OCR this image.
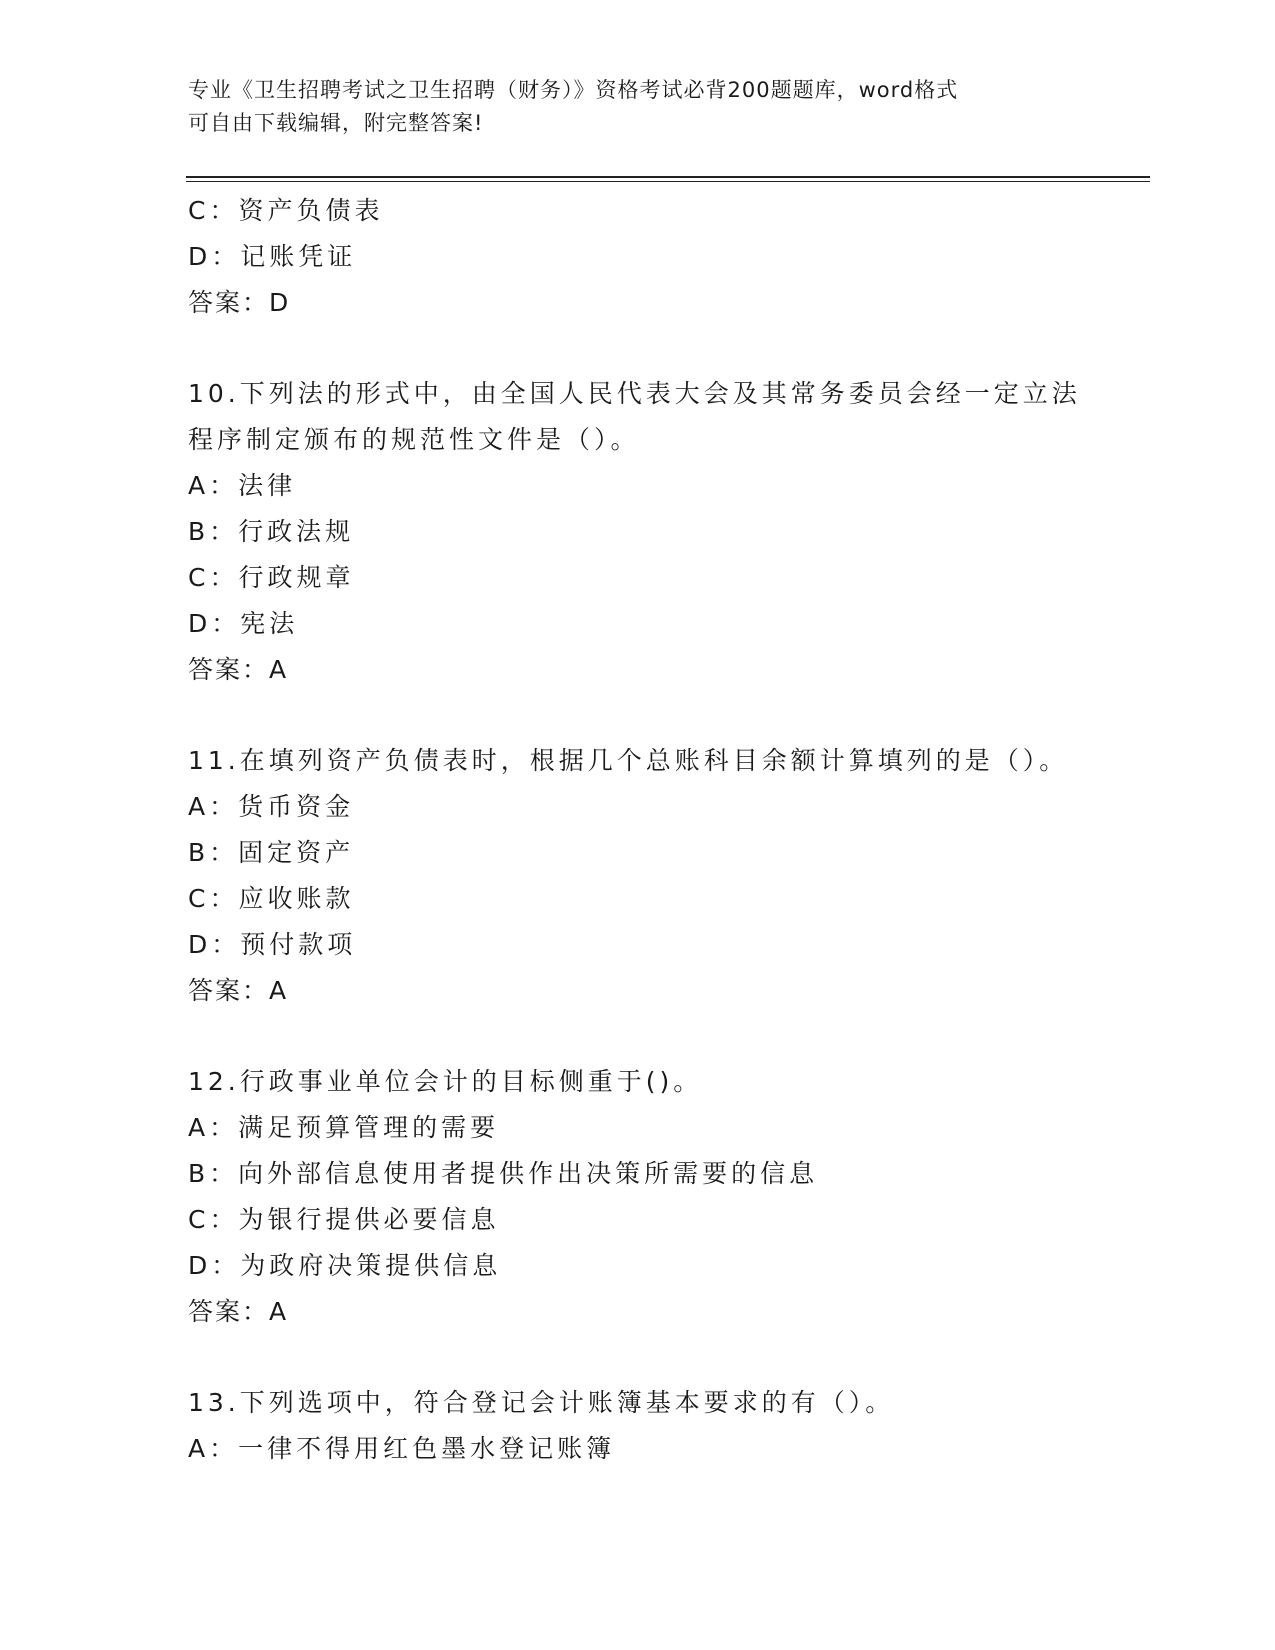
专业《卫生招聘考试之卫生招聘（财务）》资格考试必背200题题库，word格式
可自由下载编辑，附完整答案!
C：资产负债表
D：记账凭证
答案：D
10.下列法的形式中，由全国人民代表大会及其常务委员会经一定立法
程序制定颁布的规范性文件是（）。
A：法律
B：行政法规
C：行政规章
D：宪法
答案：A
11.在填列资产负债表时，根据几个总账科目余额计算填列的是（）。
A：货币资金
B：固定资产
C：应收账款
D：预付款项
答案：A
12.行政事业单位会计的目标侧重于()。
A：满足预算管理的需要
B：向外部信息使用者提供作出决策所需要的信息
C：为银行提供必要信息
D：为政府决策提供信息
答案：A
13.下列选项中，符合登记会计账簿基本要求的有（）。
A：一律不得用红色墨水登记账簿
